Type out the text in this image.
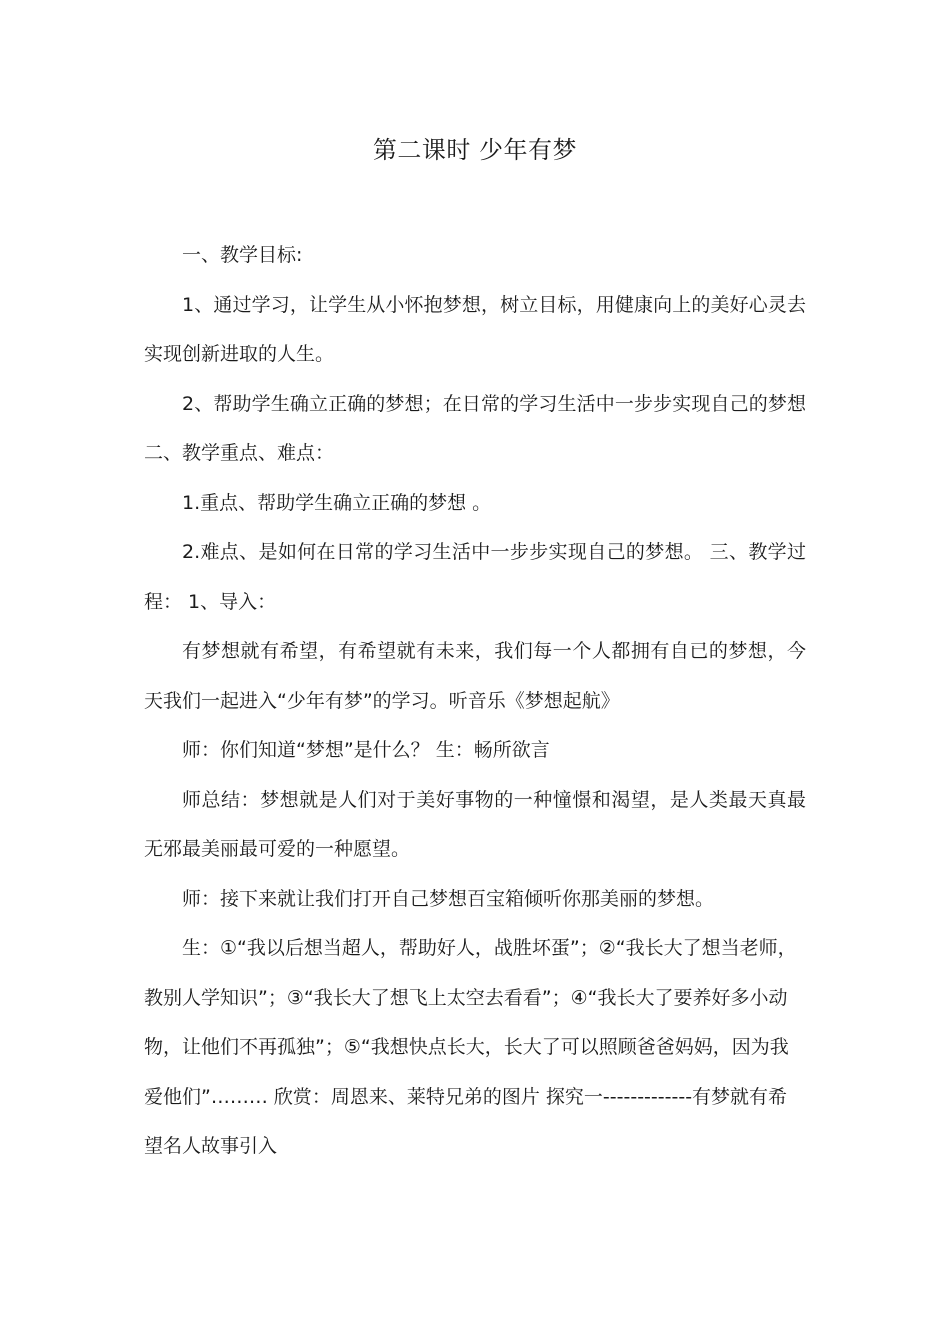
第二课时 少年有梦

一、教学目标:

1、通过学习，让学生从小怀抱梦想，树立目标，用健康向上的美好心灵去实现创新进取的人生。

2、帮助学生确立正确的梦想；在日常的学习生活中一步步实现自己的梦想 二、教学重点、难点：

1.重点、帮助学生确立正确的梦想 。

2.难点、是如何在日常的学习生活中一步步实现自己的梦想。 三、教学过程： 1、导入：

有梦想就有希望，有希望就有未来，我们每一个人都拥有自已的梦想，今天我们一起进入“少年有梦”的学习。听音乐《梦想起航》

师：你们知道“梦想”是什么？ 生：畅所欲言

师总结：梦想就是人们对于美好事物的一种憧憬和渴望，是人类最天真最无邪最美丽最可爱的一种愿望。

师：接下来就让我们打开自己梦想百宝箱倾听你那美丽的梦想。

生：①“我以后想当超人，帮助好人，战胜坏蛋”；②“我长大了想当老师，教别人学知识”；③“我长大了想飞上太空去看看”；④“我长大了要养好多小动物，让他们不再孤独”；⑤“我想快点长大，长大了可以照顾爸爸妈妈，因为我爱他们”……… 欣赏：周恩来、莱特兄弟的图片 探究一-------------有梦就有希望名人故事引入
